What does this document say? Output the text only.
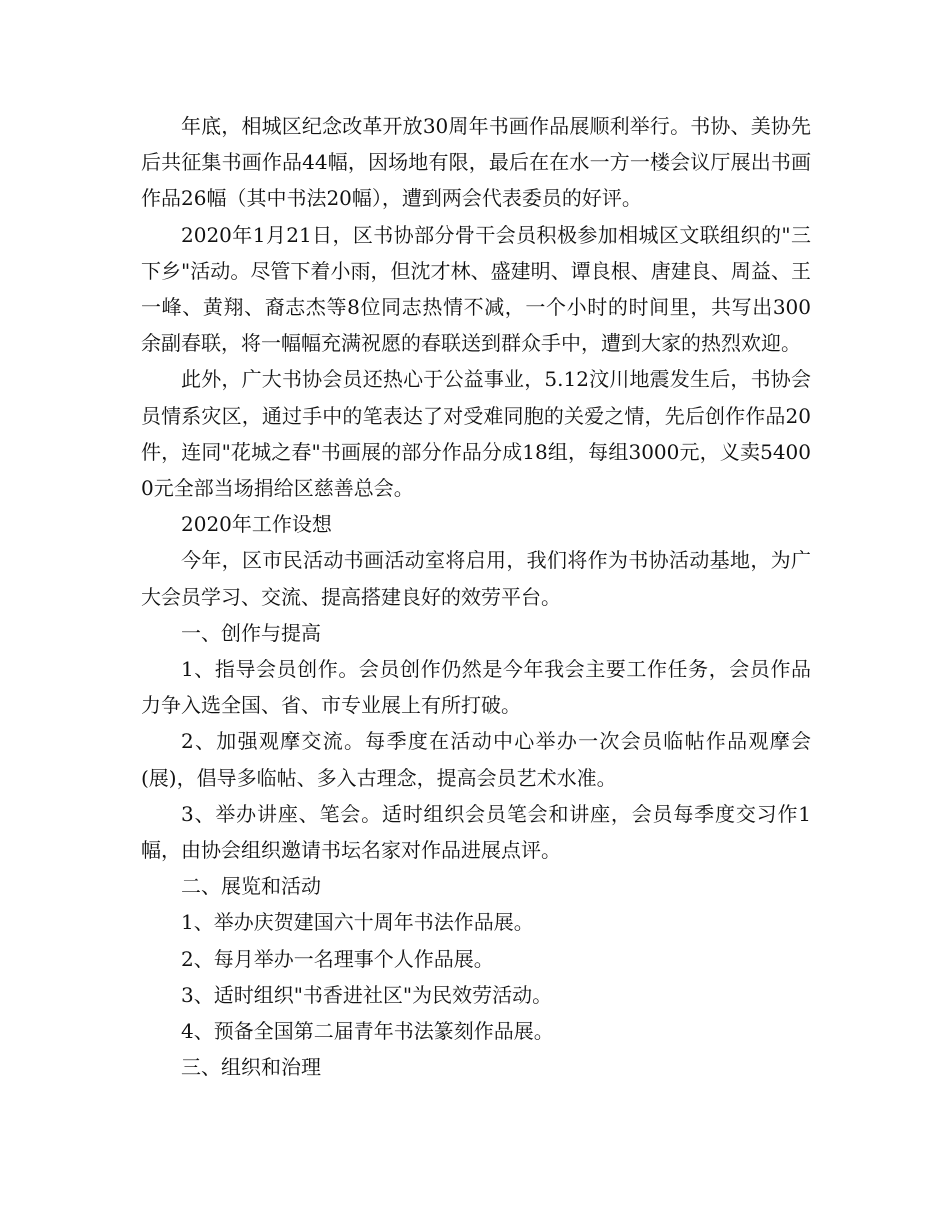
年底，相城区纪念改革开放30周年书画作品展顺利举行。书协、美协先后共征集书画作品44幅，因场地有限，最后在在水一方一楼会议厅展出书画作品26幅（其中书法20幅），遭到两会代表委员的好评。

2020年1月21日，区书协部分骨干会员积极参加相城区文联组织的"三下乡"活动。尽管下着小雨，但沈才林、盛建明、谭良根、唐建良、周益、王一峰、黄翔、裔志杰等8位同志热情不减，一个小时的时间里，共写出300余副春联，将一幅幅充满祝愿的春联送到群众手中，遭到大家的热烈欢迎。

此外，广大书协会员还热心于公益事业，5.12汶川地震发生后，书协会员情系灾区，通过手中的笔表达了对受难同胞的关爱之情，先后创作作品20件，连同"花城之春"书画展的部分作品分成18组，每组3000元，义卖54000元全部当场捐给区慈善总会。

2020年工作设想

今年，区市民活动书画活动室将启用，我们将作为书协活动基地，为广大会员学习、交流、提高搭建良好的效劳平台。

一、创作与提高

1、指导会员创作。会员创作仍然是今年我会主要工作任务，会员作品力争入选全国、省、市专业展上有所打破。

2、加强观摩交流。每季度在活动中心举办一次会员临帖作品观摩会(展)，倡导多临帖、多入古理念，提高会员艺术水准。

3、举办讲座、笔会。适时组织会员笔会和讲座，会员每季度交习作1幅，由协会组织邀请书坛名家对作品进展点评。

二、展览和活动

1、举办庆贺建国六十周年书法作品展。

2、每月举办一名理事个人作品展。

3、适时组织"书香进社区"为民效劳活动。

4、预备全国第二届青年书法篆刻作品展。

三、组织和治理
